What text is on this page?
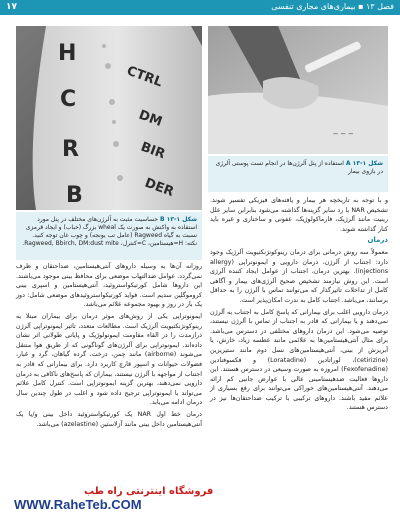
۱۷	فصل ۱۳ ▪ بیماری‌های مجاری تنفسی
H
C
R
B
CTRL
DM
BIR
DER
‒ ‒ ‒
شکل ۱-۱۳ B حساسیت مثبت به آلرژن‌های مختلف در پنل مورد استفاده به واکنش به صورت یک wheal بزرگ (حباب) و ایجاد قرمزی نسبت به گیاه Ragweed (عامل تب یونجه) و چوب غان توجه کنید. نکته: H=هیستامین، C=کنترل، Ragweed, Bbirch, DM:dust mite.
شکل ۱-۱۳ A استفاده از پنل آلرژن‌ها در انجام تست پوستی آلرژی در بازوی بیمار

و با توجه به تاریخچه هر بیمار و یافته‌های فیزیکی تفسیر شوند. تشخیص NAR با رد سایر گزینه‌ها گذاشته می‌شود بنابراین سایر علل رینیت مانند آلرژیک، فارماکولوژیک، عفونی و ساختاری و غیره باید کنار گذاشته شوند.

درمان

معمولاً سه روش درمانی برای درمان رینوکونژنکتیویت آلرژیک وجود دارد: اجتناب از آلرژن، درمان دارویی و ایمونوتراپی (allergy injections). بهترین درمان، اجتناب از عوامل ایجاد کننده آلرژی است. این روش نیازمند تشخیص صحیح آلرژی‌های بیمار و آگاهی کامل از تداخلات تاثیرگذار که می‌توانند تماس با آلرژن را به حداقل برسانند، می‌باشد. اجتناب کامل به ندرت امکان‌پذیر است.

درمان دارویی اغلب برای بیمارانی که پاسخ کامل به اجتناب به آلرژن نمی‌دهند و یا بیمارانی که قادر به اجتناب از تماس با آلرژن نیستند، توصیه می‌شود. این درمان داروهای مختلفی در دسترس می‌باشد. برای مثال آنتی‌هیستامین‌ها به علائمی مانند عطسه زیاد، خارش، یا آبریزش از بینی، آنتی‌هیستامین‌های نسل دوم مانند ستیریزین (cetirizine)، لوراتادین (Loratadine) و فکسوفنادین (Fexofenadine) امروزه به صورت وسیعی در دسترس هستند. این داروها فعالیت ضدهیستامینی عالی با عوارض جانبی کم ارائه می‌دهند. آنتی‌هیستامین‌های خوراکی می‌توانند برای رفع بسیاری از علائم مفید باشند. داروهای ترکیبی با ترکیب ضداحتقان‌ها نیز در دسترس هستند.

روزانه آن‌ها به وسیله داروهای آنتی‌هیستامین، ضداحتقان و ظرف نمی‌گردد. عوامل ضدالتهاب موضعی برای محافظ بینی موجود می‌باشند. این داروها شامل کورتیکواستروئید، آنتی‌هیستامین و اسپری بینی کروموگلین سدیم است. فواید کورتیکواستروئیدهای موضعی شامل: دوز یک بار در روز و بهبود مجموعه علائم می‌باشد.

ایمونوتراپی یکی از روش‌های موثر درمان برای بیماران مبتلا به رینوکونژنکتیویت آلرژیک است. مطالعات متعدد، تاثیر ایمونوتراپی آلرژن درازمدت را در القاء مقاومت ایمونولوژیک و پایانی طولانی اثر نشان داده‌اند. ایمونوتراپی برای آلرژن‌های گوناگونی که از طریق هوا منتقل می‌شوند (airborne) مانند چمن، درخت، گرده گیاهان، گرد و غبار، فضولات حیوانات و اسپور قارچ کاربرد دارد. برای بیمارانی که قادر به اجتناب از مواجهه با آلرژن نیستند، بیماران که پاسخ‌های ناکافی به درمان دارویی نمی‌دهند، بهترین گزینه ایمونوتراپی است. کنترل کامل علائم می‌تواند با ایمونوتراپی ترجیح داده شود و اغلب در طول چندین سال درمان ادامه می‌یابد.

درمان خط اول NAR یک کورتیکواستروئید داخل بینی و/یا یک آنتی‌هیستامین داخل بینی مانند آزلاستین (azelastine) می‌باشد.

فروشگاه اینترنتی راه طب
WWW.RaheTeb.COM
